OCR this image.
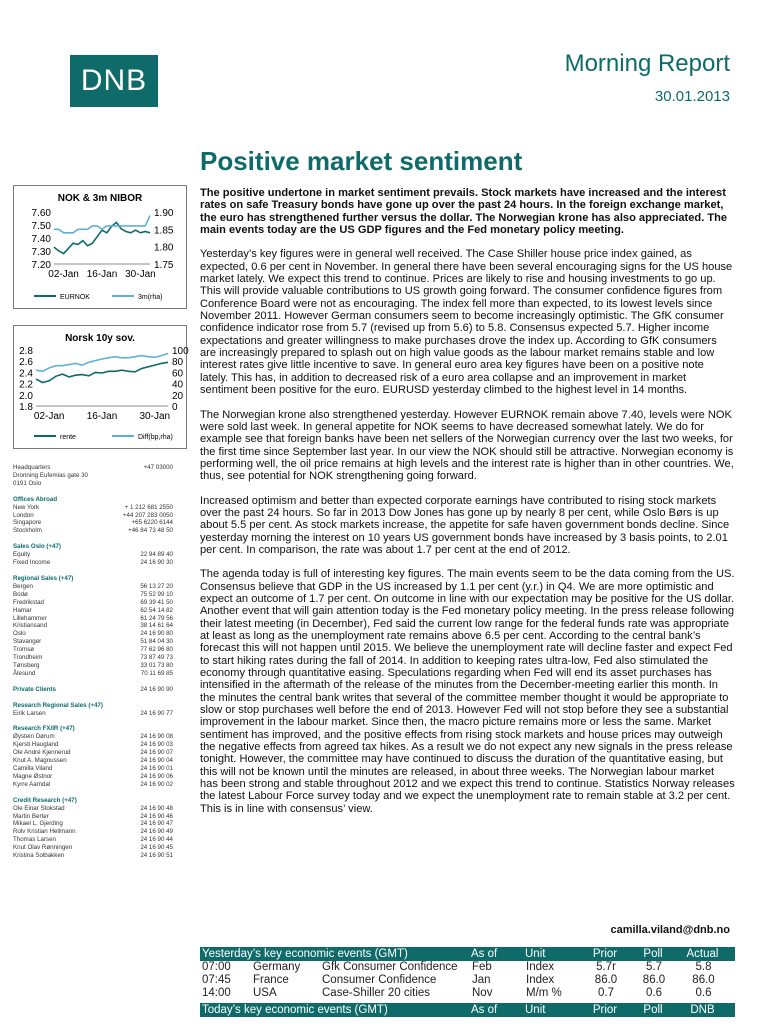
DNB
Morning Report
30.01.2013
Positive market sentiment
NOK & 3m NIBOR
7.60
7.50
7.40
7.30
7.20
1.90
1.85
1.80
1.75
02-Jan 16-Jan 30-Jan
EURNOK	3m(rha)
Norsk 10y sov.
2.8
2.6
2.4
2.2
2.0
1.8
100
80
60
40
20
0
02-Jan 16-Jan 30-Jan
rente	Diff(bp,rha)
Headquarters	+47 03000
Dronning Eufemias gate 30
0191 Oslo
Offices Abroad
New York	+ 1 212 681 2550
London	+44 207 283 0050
Singapore	+65 6220 6144
Stockholm	+46 84 73 48 50
Sales Oslo (+47)
Equity	22 94 89 40
Fixed Income	24 16 90 30
Regional Sales (+47)
Bergen	56 13 27 20
Bodø	75 52 99 10
Fredrikstad	69 39 41 50
Hamar	62 54 14 82
Lillehammer	61 24 79 56
Kristiansand	38 14 61 64
Oslo	24 16 90 80
Stavanger	51 84 04 30
Tromsø	77 62 96 80
Trondheim	73 87 49 73
Tønsberg	33 01 73 80
Ålesund	70 11 69 85
Private Clients	24 16 90 90
Research Regional Sales (+47)
Eirik Larsen	24 16 90 77
Research FX/IR (+47)
Øystein Dørum	24 16 90 08
Kjersti Haugland	24 16 90 03
Ole André Kjennerud	24 16 90 07
Knut A. Magnussen	24 16 90 04
Camilla Viland	24 16 90 01
Magne Østnor	24 16 90 06
Kyrre Aamdal	24 16 90 02
Credit Research (+47)
Ole Einar Stokstad	24 16 90 48
Martin Berter	24 16 90 46
Mikael L. Gjerding	24 16 90 47
Rolv Kristian Hellmann	24 16 90 49
Thomas Larsen	24 16 90 44
Knut Olav Rønningen	24 16 90 45
Kristina Solbakken	24 16 90 51

The positive undertone in market sentiment prevails. Stock markets have increased and the interest rates on safe Treasury bonds have gone up over the past 24 hours. In the foreign exchange market, the euro has strengthened further versus the dollar. The Norwegian krone has also appreciated. The main events today are the US GDP figures and the Fed monetary policy meeting.

Yesterday’s key figures were in general well received. The Case Shiller house price index gained, as expected, 0.6 per cent in November. In general there have been several encouraging signs for the US house market lately. We expect this trend to continue. Prices are likely to rise and housing investments to go up. This will provide valuable contributions to US growth going forward. The consumer confidence figures from Conference Board were not as encouraging. The index fell more than expected, to its lowest levels since November 2011. However German consumers seem to become increasingly optimistic. The GfK consumer confidence indicator rose from 5.7 (revised up from 5.6) to 5.8. Consensus expected 5.7. Higher income expectations and greater willingness to make purchases drove the index up. According to GfK consumers are increasingly prepared to splash out on high value goods as the labour market remains stable and low interest rates give little incentive to save. In general euro area key figures have been on a positive note lately. This has, in addition to decreased risk of a euro area collapse and an improvement in market sentiment been positive for the euro. EURUSD yesterday climbed to the highest level in 14 months.

The Norwegian krone also strengthened yesterday. However EURNOK remain above 7.40, levels were NOK were sold last week. In general appetite for NOK seems to have decreased somewhat lately. We do for example see that foreign banks have been net sellers of the Norwegian currency over the last two weeks, for the first time since September last year. In our view the NOK should still be attractive. Norwegian economy is performing well, the oil price remains at high levels and the interest rate is higher than in other countries. We, thus, see potential for NOK strengthening going forward.

Increased optimism and better than expected corporate earnings have contributed to rising stock markets over the past 24 hours. So far in 2013 Dow Jones has gone up by nearly 8 per cent, while Oslo Børs is up about 5.5 per cent. As stock markets increase, the appetite for safe haven government bonds decline. Since yesterday morning the interest on 10 years US government bonds have increased by 3 basis points, to 2.01 per cent. In comparison, the rate was about 1.7 per cent at the end of 2012.

The agenda today is full of interesting key figures. The main events seem to be the data coming from the US. Consensus believe that GDP in the US increased by 1.1 per cent (y.r.) in Q4. We are more optimistic and expect an outcome of 1.7 per cent. On outcome in line with our expectation may be positive for the US dollar. Another event that will gain attention today is the Fed monetary policy meeting. In the press release following their latest meeting (in December), Fed said the current low range for the federal funds rate was appropriate at least as long as the unemployment rate remains above 6.5 per cent. According to the central bank’s forecast this will not happen until 2015. We believe the unemployment rate will decline faster and expect Fed to start hiking rates during the fall of 2014. In addition to keeping rates ultra-low, Fed also stimulated the economy through quantitative easing. Speculations regarding when Fed will end its asset purchases has intensified in the aftermath of the release of the minutes from the December-meeting earlier this month. In the minutes the central bank writes that several of the committee member thought it would be appropriate to slow or stop purchases well before the end of 2013. However Fed will not stop before they see a substantial improvement in the labour market. Since then, the macro picture remains more or less the same. Market sentiment has improved, and the positive effects from rising stock markets and house prices may outweigh the negative effects from agreed tax hikes. As a result we do not expect any new signals in the press release tonight. However, the committee may have continued to discuss the duration of the quantitative easing, but this will not be known until the minutes are released, in about three weeks. The Norwegian labour market has been strong and stable throughout 2012 and we expect this trend to continue. Statistics Norway releases the latest Labour Force survey today and we expect the unemployment rate to remain stable at 3.2 per cent. This is in line with consensus’ view.

camilla.viland@dnb.no
Yesterday’s key economic events (GMT)	As of	Unit	Prior	Poll	Actual
07:00	Germany	Gfk Consumer Confidence	Feb	Index	5.7r	5.7	5.8
07:45	France	Consumer Confidence	Jan	Index	86.0	86.0	86.0
14:00	USA	Case-Shiller 20 cities	Nov	M/m %	0.7	0.6	0.6
Today’s key economic events (GMT)	As of	Unit	Prior	Poll	DNB
